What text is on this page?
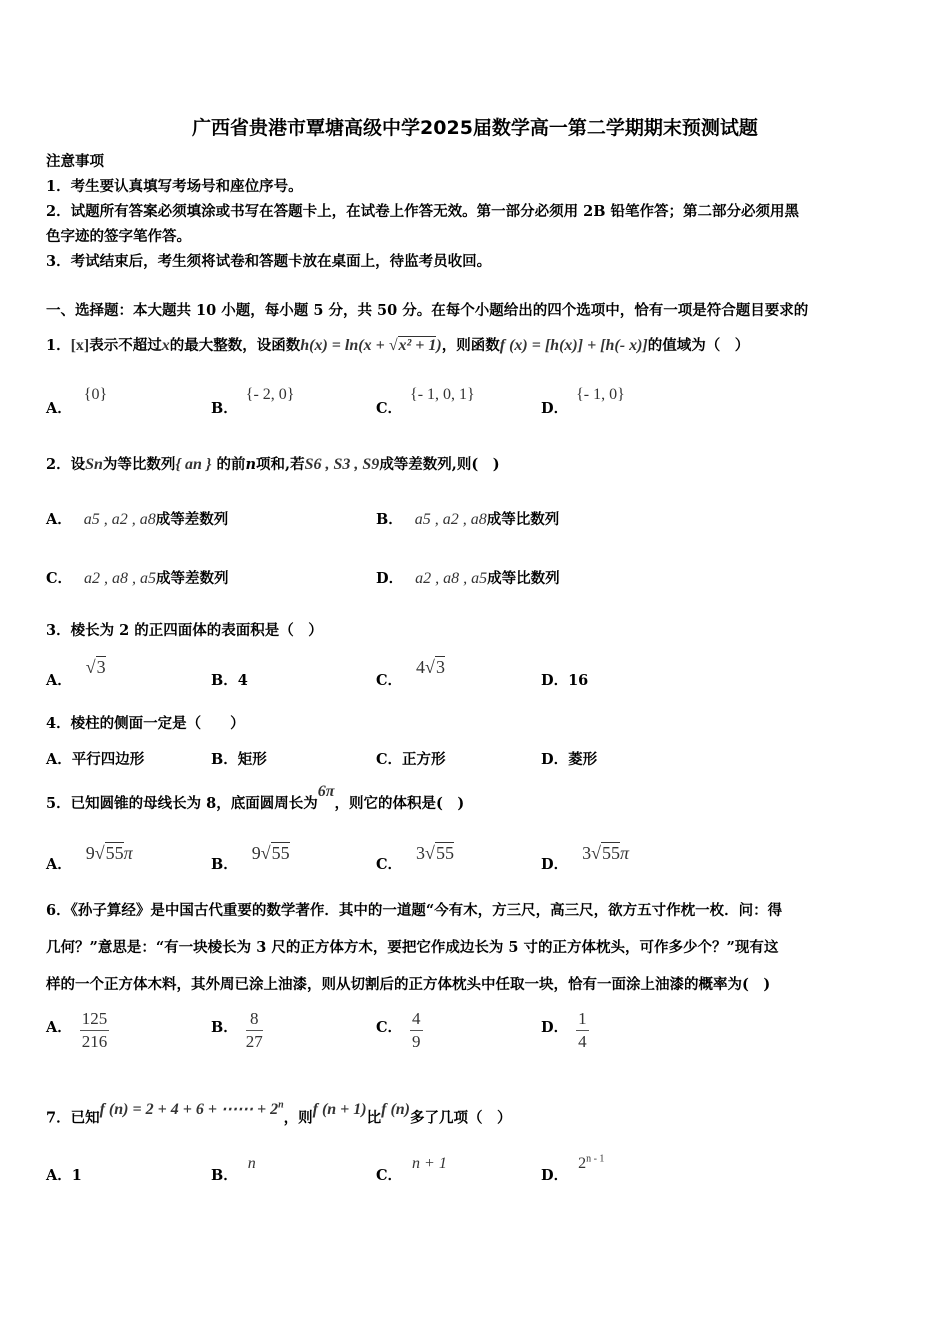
广西省贵港市覃塘高级中学2025届数学高一第二学期期末预测试题
注意事项
1．考生要认真填写考场号和座位序号。
2．试题所有答案必须填涂或书写在答题卡上，在试卷上作答无效。第一部分必须用 2B 铅笔作答；第二部分必须用黑
色字迹的签字笔作答。
3．考试结束后，考生须将试卷和答题卡放在桌面上，待监考员收回。
一、选择题：本大题共 10 小题，每小题 5 分，共 50 分。在每个小题给出的四个选项中，恰有一项是符合题目要求的
1．[x]表示不超过x的最大整数，设函数h(x) = ln(x + √x² + 1)，则函数f (x) = [h(x)] + [h(- x)]的值域为（　）
A．{0}
B．{- 2, 0}
C．{- 1, 0, 1}
D．{- 1, 0}
2．设Sn为等比数列{ an } 的前n项和,若S6 , S3 , S9成等差数列,则(　)
A． a5 , a2 , a8成等差数列	B． a5 , a2 , a8成等比数列
C． a2 , a8 , a5成等差数列	D． a2 , a8 , a5成等比数列
3．棱长为 2 的正四面体的表面积是（　）
A．√3
B．4	C．4√3
D．16
4．棱柱的侧面一定是（　　）
A．平行四边形	B．矩形	C．正方形	D．菱形
5．已知圆锥的母线长为 8，底面圆周长为6π，则它的体积是(　)
A．9√55π
B．9√55
C．3√55
D．3√55π
6．《孙子算经》是中国古代重要的数学著作．其中的一道题“今有木，方三尺，高三尺，欲方五寸作枕一枚．问：得
几何？”意思是：“有一块棱长为 3 尺的正方体方木，要把它作成边长为 5 寸的正方体枕头，可作多少个？”现有这
样的一个正方体木料，其外周已涂上油漆，则从切割后的正方体枕头中任取一块，恰有一面涂上油漆的概率为(　)
A． $\frac{125}{216}$	B． $\frac{8}{27}$	C． $\frac{4}{9}$	D． $\frac{1}{4}$
7．已知f (n) = 2 + 4 + 6 + ⋯⋯ + $2^n$，则f (n + 1)比f (n)多了几项（　）
A．1	B．n
C．n + 1
D．2$^{n - 1}$
